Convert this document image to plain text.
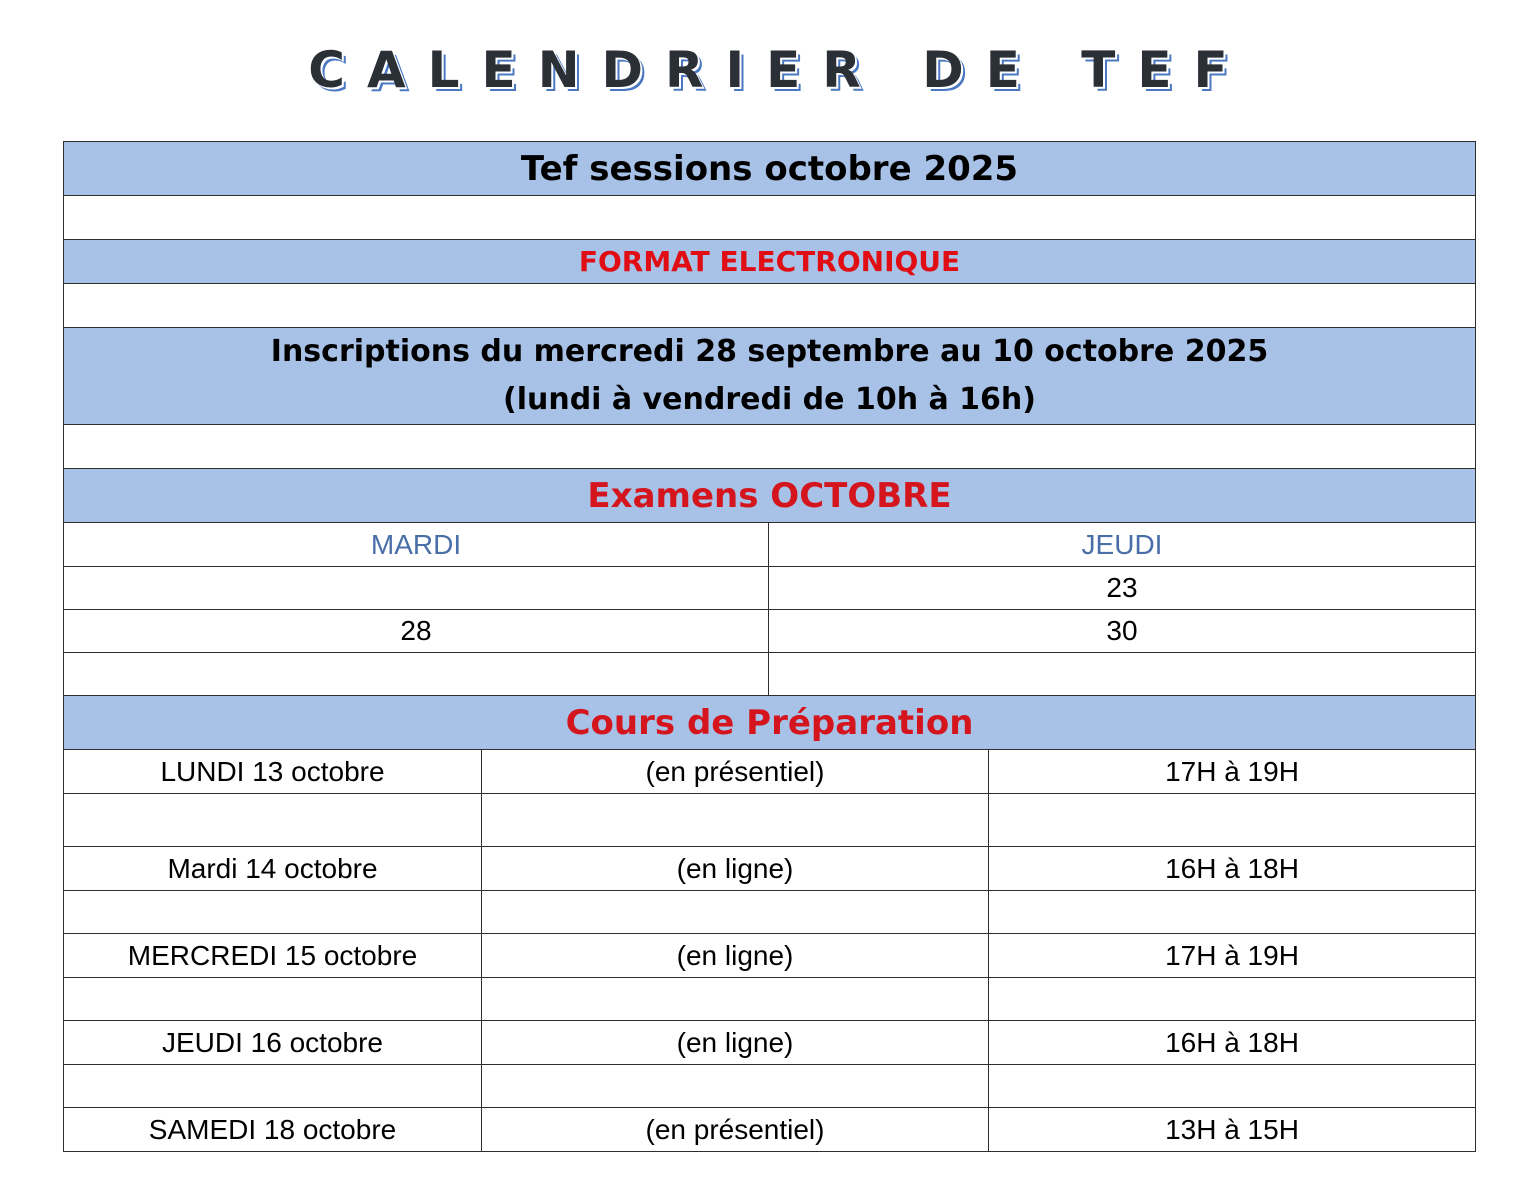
CALENDRIER DE TEF
Tef sessions octobre 2025			

FORMAT ELECTRONIQUE			

Inscriptions du mercredi 28 septembre au 10 octobre 2025
(lundi à vendredi de 10h à 16h)			

Examens OCTOBRE			
MARDI		JEUDI	
		23	
28		30	

Cours de Préparation			
LUNDI 13 octobre	(en présentiel)		17H à 19H

Mardi 14 octobre	(en ligne)		16H à 18H

MERCREDI 15 octobre	(en ligne)		17H à 19H

JEUDI 16 octobre	(en ligne)		16H à 18H

SAMEDI 18 octobre	(en présentiel)		13H à 15H
